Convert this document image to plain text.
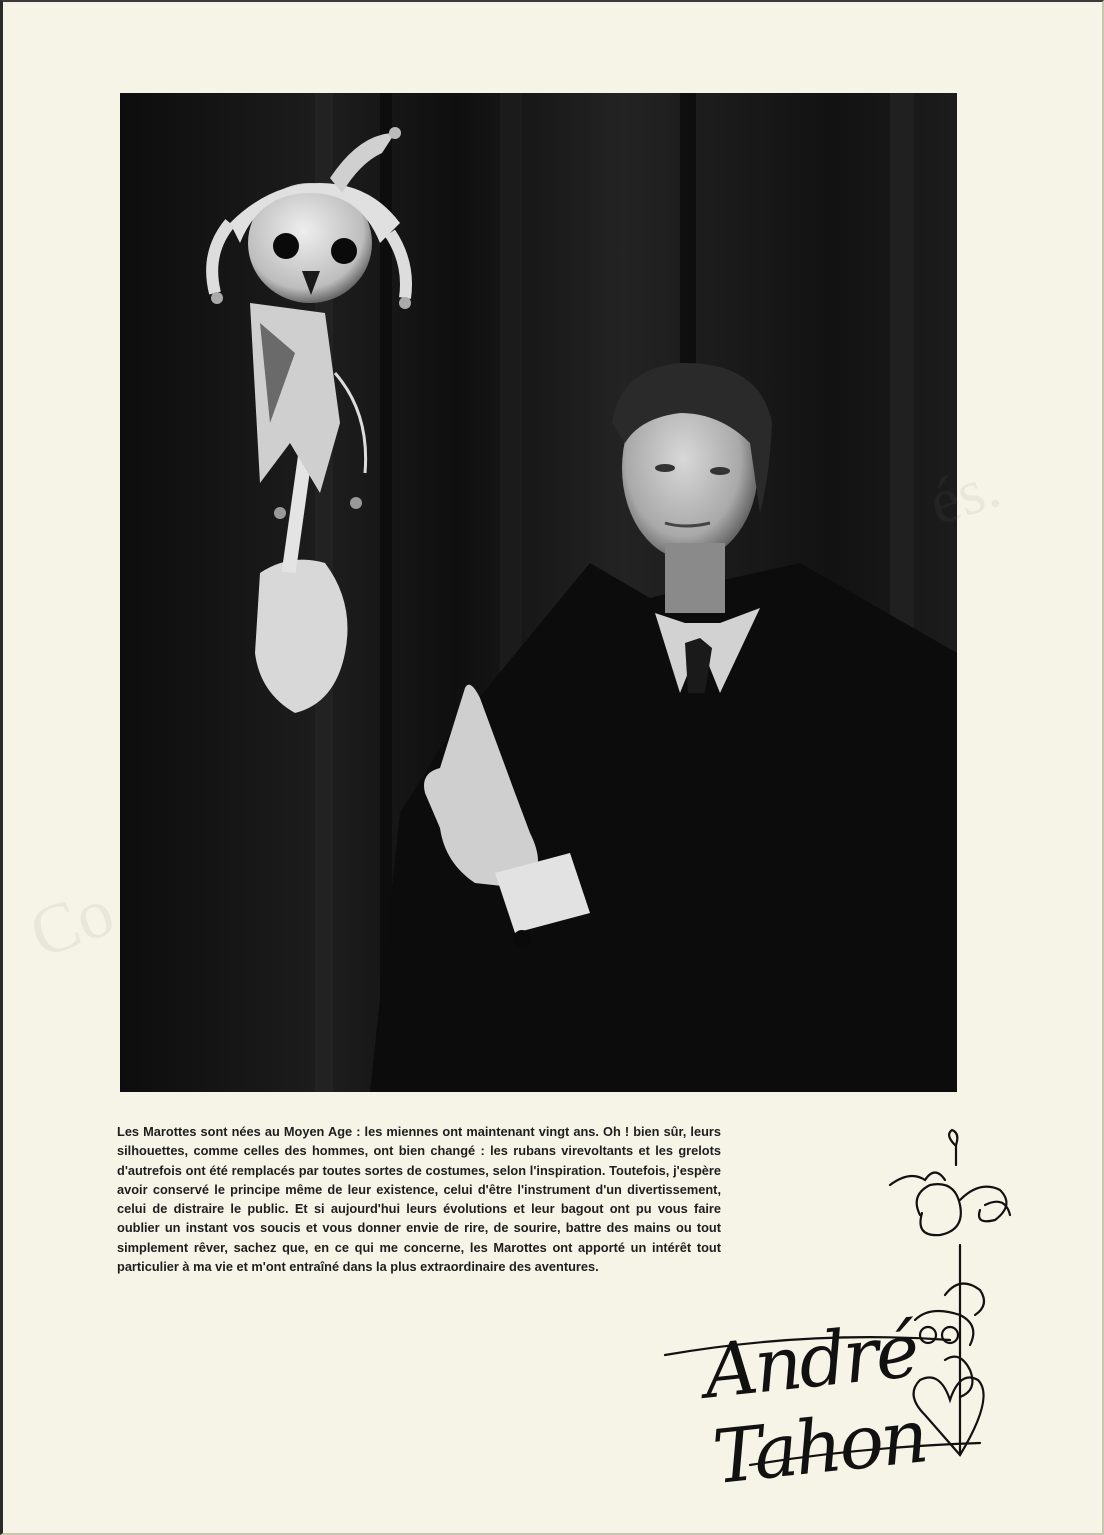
Co
és.

Les Marottes sont nées au Moyen Age : les miennes ont maintenant vingt ans. Oh ! bien sûr, leurs silhouettes, comme celles des hommes, ont bien changé : les rubans virevoltants et les grelots d'autrefois ont été remplacés par toutes sortes de costumes, selon l'inspiration. Toutefois, j'espère avoir conservé le principe même de leur existence, celui d'être l'instrument d'un divertissement, celui de distraire le public. Et si aujourd'hui leurs évolutions et leur bagout ont pu vous faire oublier un instant vos soucis et vous donner envie de rire, de sourire, battre des mains ou tout simplement rêver, sachez que, en ce qui me concerne, les Marottes ont apporté un intérêt tout particulier à ma vie et m'ont entraîné dans la plus extraordinaire des aventures.

André Tahon
